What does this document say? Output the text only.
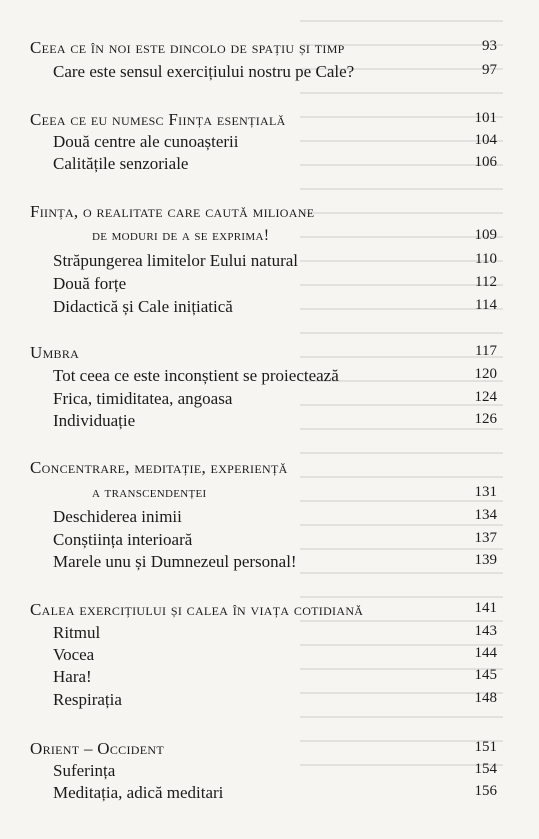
Ceea ce în noi este dincolo de spațiu și timp	93
Care este sensul exercițiului nostru pe Cale?	97
Ceea ce eu numesc Ființa esențială	101
Două centre ale cunoașterii	104
Calitățile senzoriale	106
Ființa, o realitate care caută milioane
de moduri de a se exprima!	109
Străpungerea limitelor Eului natural	110
Două forțe	112
Didactică și Cale inițiatică	114
Umbra	117
Tot ceea ce este inconștient se proiectează	120
Frica, timiditatea, angoasa	124
Individuație	126
Concentrare, meditație, experiență
a transcendenței	131
Deschiderea inimii	134
Conștiința interioară	137
Marele unu și Dumnezeul personal!	139
Calea exercițiului și calea în viața cotidiană	141
Ritmul	143
Vocea	144
Hara!	145
Respirația	148
Orient – Occident	151
Suferința	154
Meditația, adică meditari	156
